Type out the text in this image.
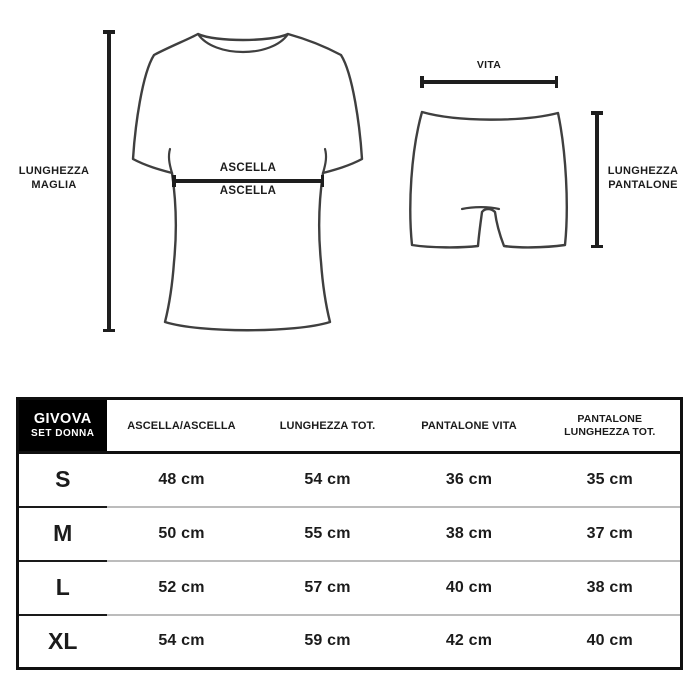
LUNGHEZZA
MAGLIA
ASCELLA
ASCELLA
VITA
LUNGHEZZA
PANTALONE
GIVOVA
SET DONNA	ASCELLA/ASCELLA	LUNGHEZZA TOT.	PANTALONE VITA	PANTALONE
LUNGHEZZA TOT.

S	48 cm	54 cm	36 cm	35 cm
M	50 cm	55 cm	38 cm	37 cm
L	52 cm	57 cm	40 cm	38 cm
XL	54 cm	59 cm	42 cm	40 cm
